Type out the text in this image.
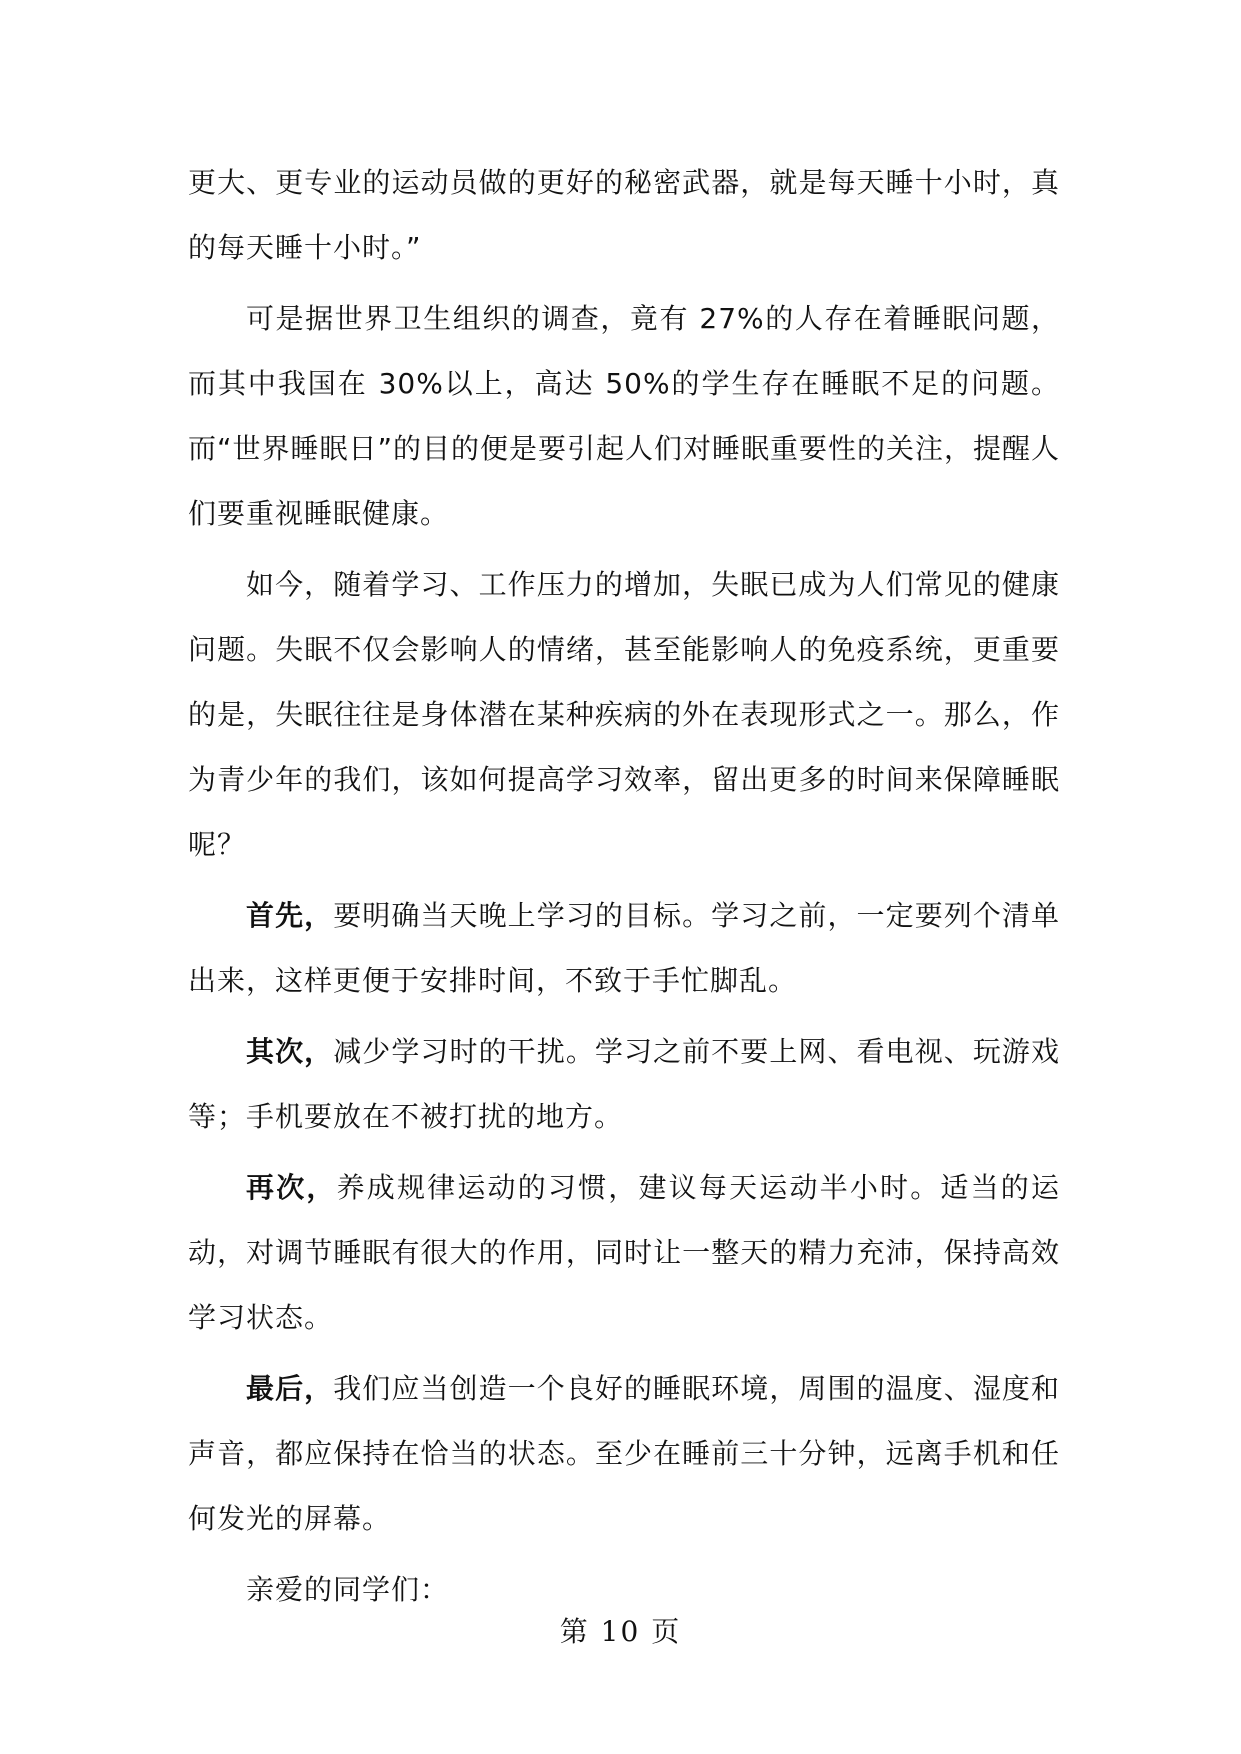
更大、更专业的运动员做的更好的秘密武器，就是每天睡十小时，真的每天睡十小时。”

可是据世界卫生组织的调查，竟有 27%的人存在着睡眠问题，而其中我国在 30%以上，高达 50%的学生存在睡眠不足的问题。而“世界睡眠日”的目的便是要引起人们对睡眠重要性的关注，提醒人们要重视睡眠健康。

如今，随着学习、工作压力的增加，失眠已成为人们常见的健康问题。失眠不仅会影响人的情绪，甚至能影响人的免疫系统，更重要的是，失眠往往是身体潜在某种疾病的外在表现形式之一。那么，作为青少年的我们，该如何提高学习效率，留出更多的时间来保障睡眠呢？

首先，要明确当天晚上学习的目标。学习之前，一定要列个清单出来，这样更便于安排时间，不致于手忙脚乱。

其次，减少学习时的干扰。学习之前不要上网、看电视、玩游戏等；手机要放在不被打扰的地方。

再次，养成规律运动的习惯，建议每天运动半小时。适当的运动，对调节睡眠有很大的作用，同时让一整天的精力充沛，保持高效学习状态。

最后，我们应当创造一个良好的睡眠环境，周围的温度、湿度和声音，都应保持在恰当的状态。至少在睡前三十分钟，远离手机和任何发光的屏幕。

亲爱的同学们：

第 10 页
